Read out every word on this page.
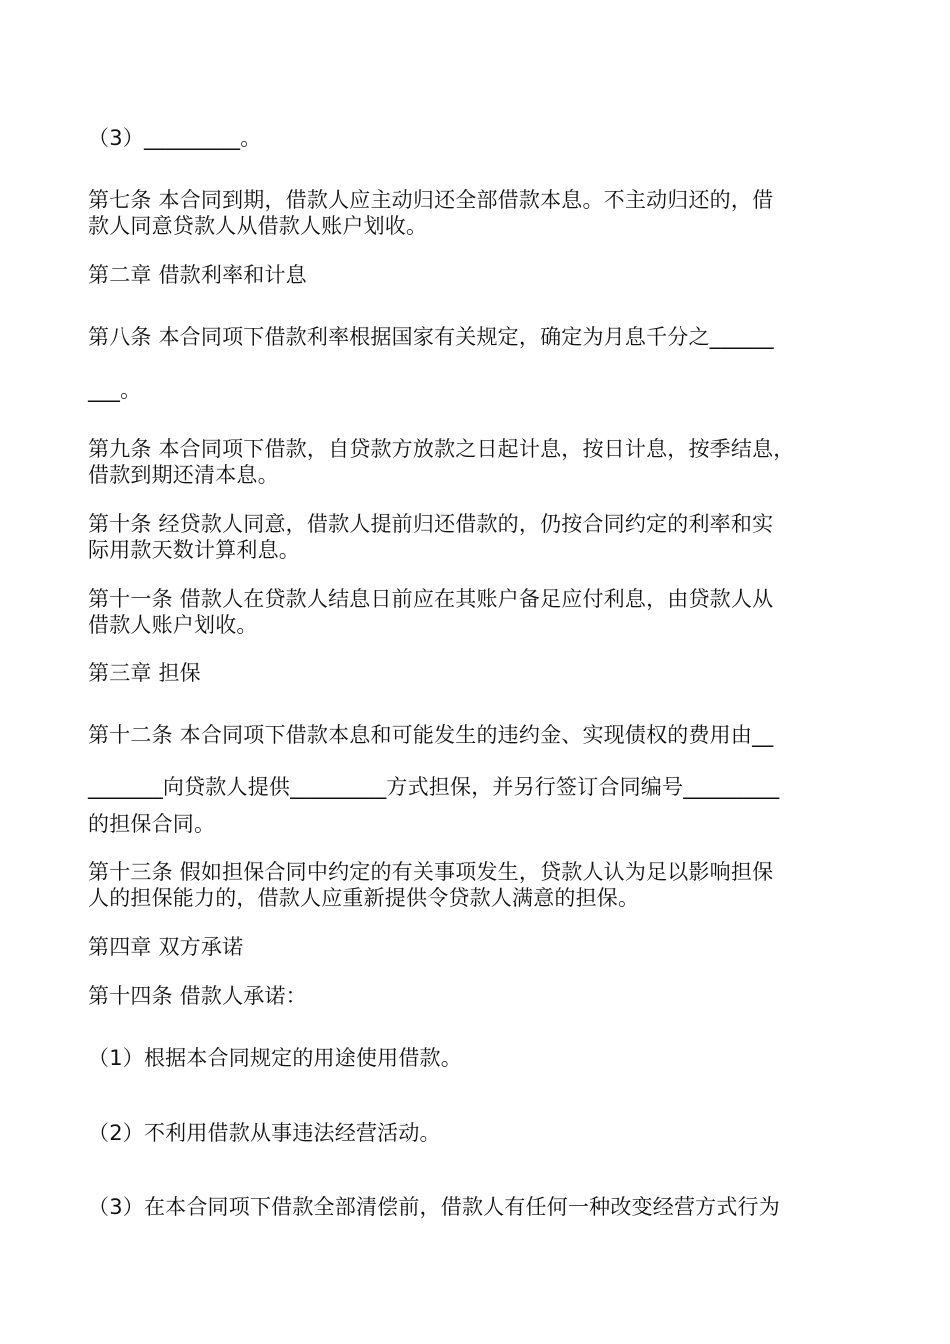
（3）_________。
第七条 本合同到期，借款人应主动归还全部借款本息。不主动归还的，借
款人同意贷款人从借款人账户划收。
第二章 借款利率和计息
第八条 本合同项下借款利率根据国家有关规定，确定为月息千分之______
___。
第九条 本合同项下借款，自贷款方放款之日起计息，按日计息，按季结息，
借款到期还清本息。
第十条 经贷款人同意，借款人提前归还借款的，仍按合同约定的利率和实
际用款天数计算利息。
第十一条 借款人在贷款人结息日前应在其账户备足应付利息，由贷款人从
借款人账户划收。
第三章 担保
第十二条 本合同项下借款本息和可能发生的违约金、实现债权的费用由__
_______向贷款人提供_________方式担保，并另行签订合同编号_________
的担保合同。
第十三条 假如担保合同中约定的有关事项发生，贷款人认为足以影响担保
人的担保能力的，借款人应重新提供令贷款人满意的担保。
第四章 双方承诺
第十四条 借款人承诺：
（1）根据本合同规定的用途使用借款。
（2）不利用借款从事违法经营活动。
（3）在本合同项下借款全部清偿前，借款人有任何一种改变经营方式行为
